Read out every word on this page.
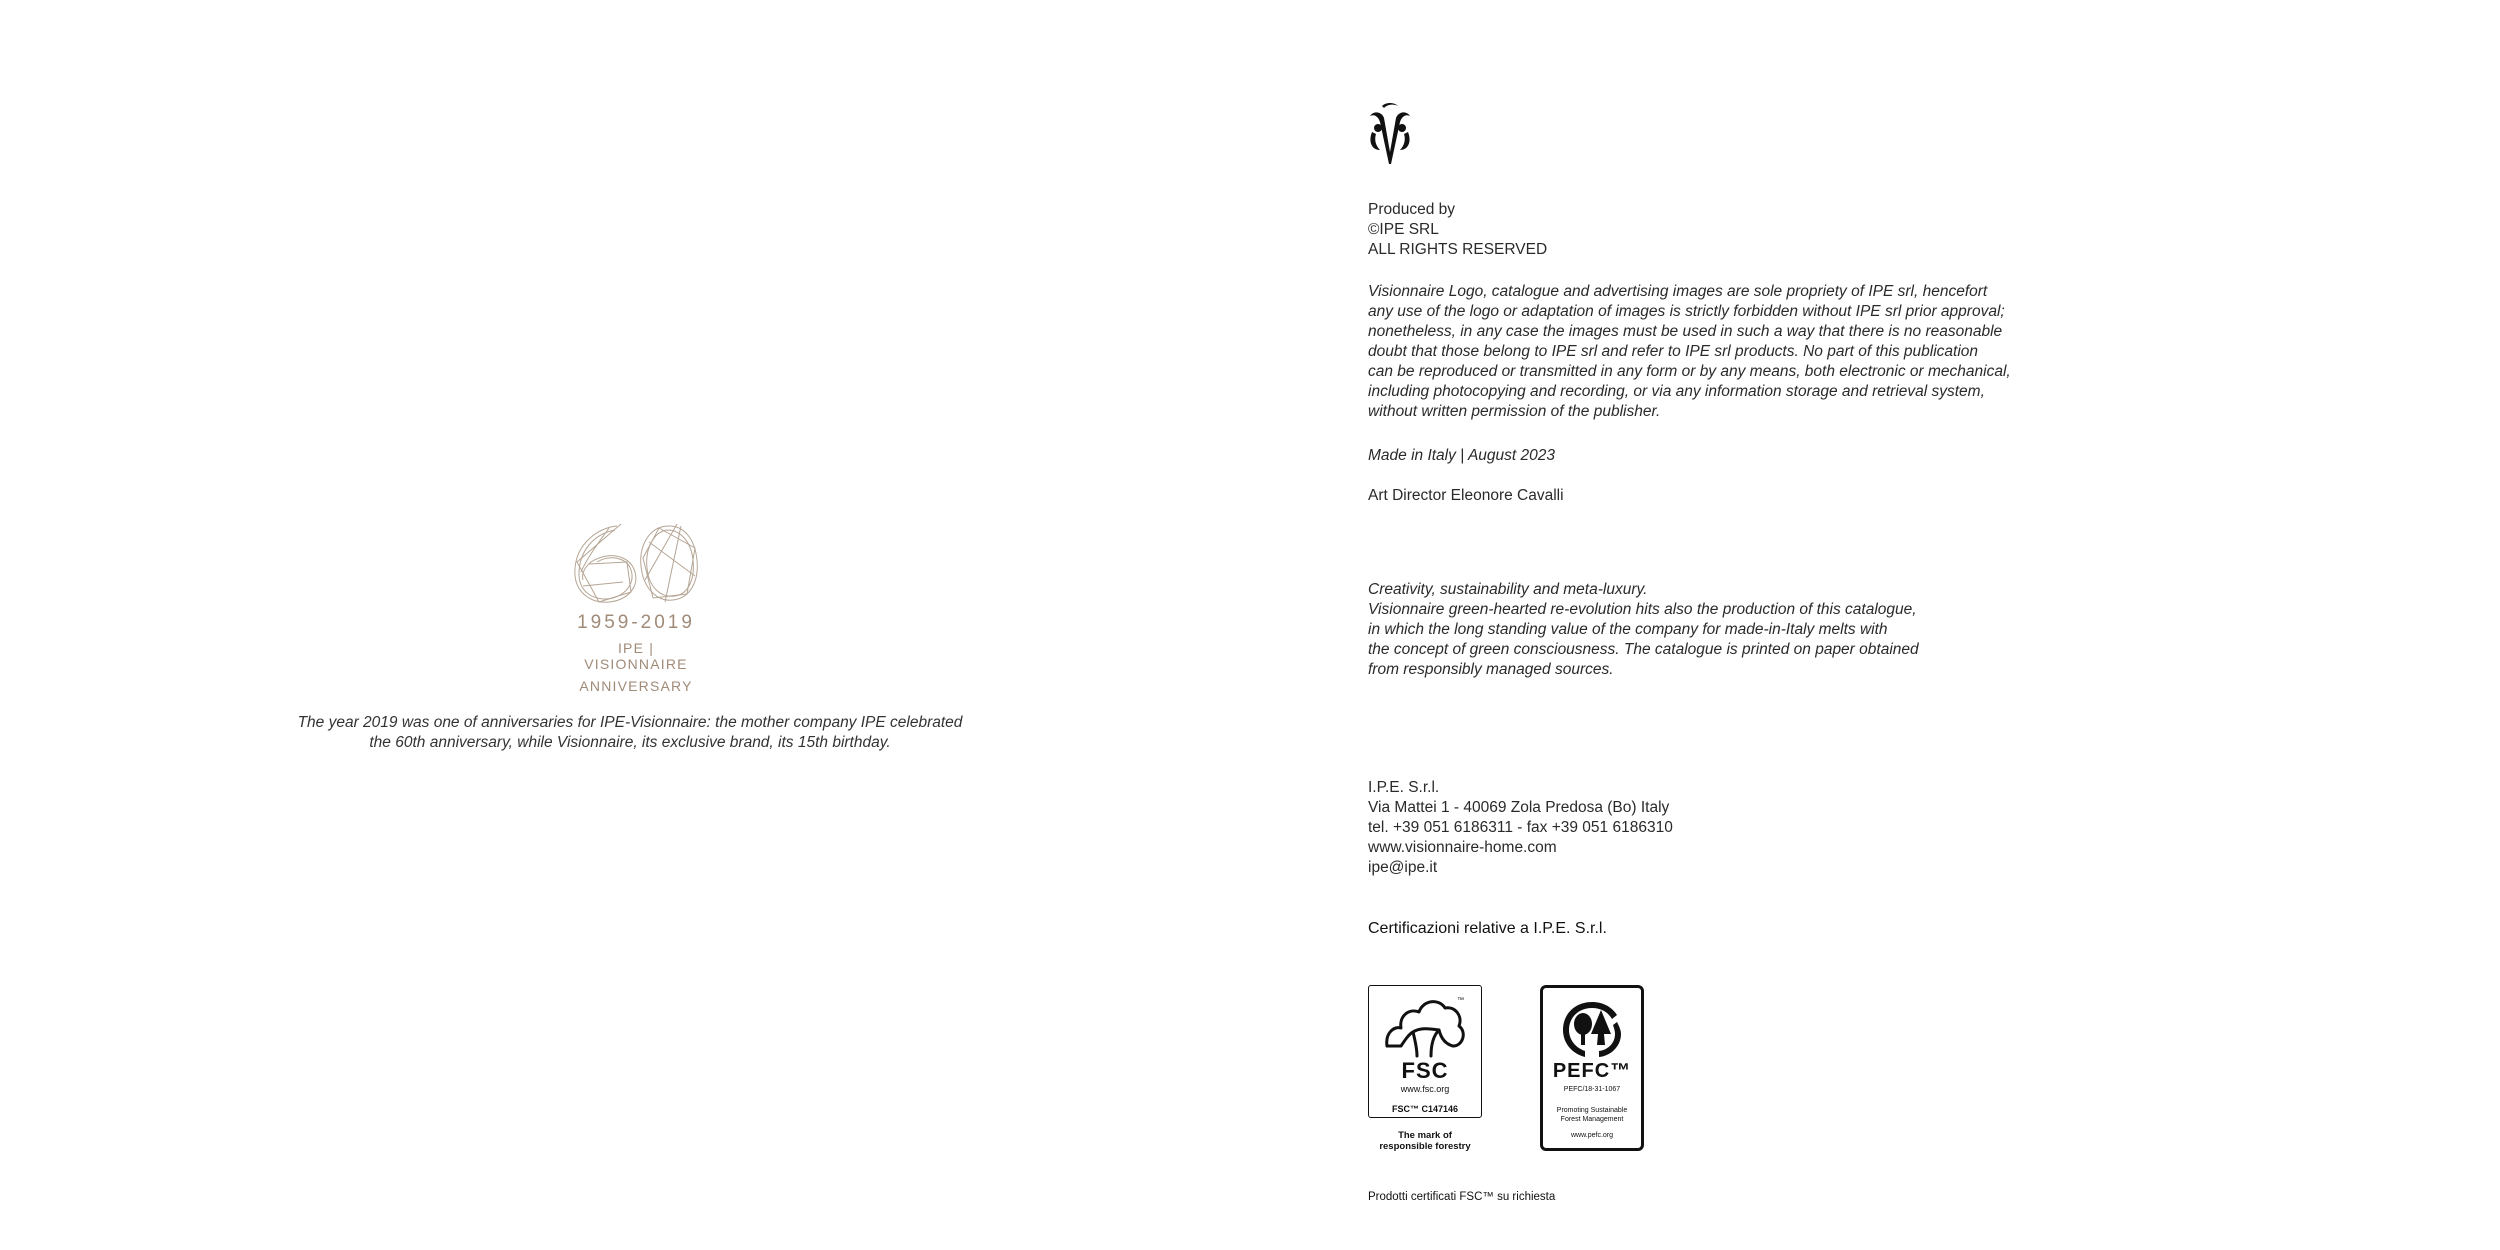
1959-2019
IPE | VISIONNAIRE
ANNIVERSARY
The year 2019 was one of anniversaries for IPE-Visionnaire: the mother company IPE celebrated
the 60th anniversary, while Visionnaire, its exclusive brand, its 15th birthday.
Produced by
©IPE SRL
ALL RIGHTS RESERVED
Visionnaire Logo, catalogue and advertising images are sole propriety of IPE srl, hencefort
any use of the logo or adaptation of images is strictly forbidden without IPE srl prior approval;
nonetheless, in any case the images must be used in such a way that there is no reasonable
doubt that those belong to IPE srl and refer to IPE srl products. No part of this publication
can be reproduced or transmitted in any form or by any means, both electronic or mechanical,
including photocopying and recording, or via any information storage and retrieval system,
without written permission of the publisher.
Made in Italy | August 2023
Art Director Eleonore Cavalli
Creativity, sustainability and meta-luxury.
Visionnaire green-hearted re-evolution hits also the production of this catalogue,
in which the long standing value of the company for made-in-Italy melts with
the concept of green consciousness. The catalogue is printed on paper obtained
from responsibly managed sources.
I.P.E. S.r.l.
Via Mattei 1 - 40069 Zola Predosa (Bo) Italy
tel. +39 051 6186311 - fax +39 051 6186310
www.visionnaire-home.com
ipe@ipe.it
Certificazioni relative a I.P.E. S.r.l.
™
FSC
www.fsc.org
FSC™ C147146
The mark of
responsible forestry
PEFC™
PEFC/18-31-1067
Promoting Sustainable
Forest Management
www.pefc.org
Prodotti certificati FSC™ su richiesta
